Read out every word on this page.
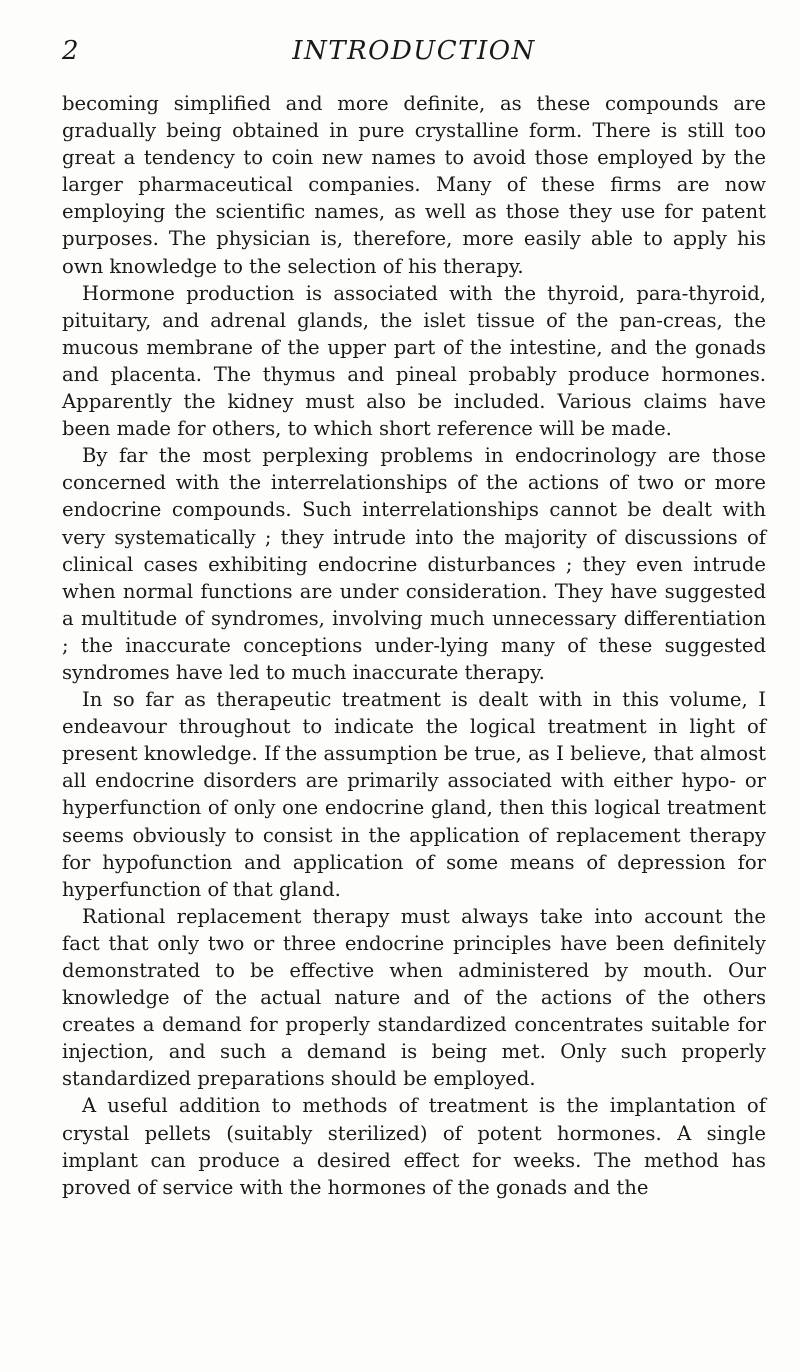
2	INTRODUCTION

becoming simplified and more definite, as these compounds are gradually being obtained in pure crystalline form. There is still too great a tendency to coin new names to avoid those employed by the larger pharmaceutical companies. Many of these firms are now employing the scientific names, as well as those they use for patent purposes. The physician is, therefore, more easily able to apply his own knowledge to the selection of his therapy.

Hormone production is associated with the thyroid, para-thyroid, pituitary, and adrenal glands, the islet tissue of the pan-creas, the mucous membrane of the upper part of the intestine, and the gonads and placenta. The thymus and pineal probably produce hormones. Apparently the kidney must also be included. Various claims have been made for others, to which short reference will be made.

By far the most perplexing problems in endocrinology are those concerned with the interrelationships of the actions of two or more endocrine compounds. Such interrelationships cannot be dealt with very systematically ; they intrude into the majority of discussions of clinical cases exhibiting endocrine disturbances ; they even intrude when normal functions are under consideration. They have suggested a multitude of syndromes, involving much unnecessary differentiation ; the inaccurate conceptions under-lying many of these suggested syndromes have led to much inaccurate therapy.

In so far as therapeutic treatment is dealt with in this volume, I endeavour throughout to indicate the logical treatment in light of present knowledge. If the assumption be true, as I believe, that almost all endocrine disorders are primarily associated with either hypo- or hyperfunction of only one endocrine gland, then this logical treatment seems obviously to consist in the application of replacement therapy for hypofunction and application of some means of depression for hyperfunction of that gland.

Rational replacement therapy must always take into account the fact that only two or three endocrine principles have been definitely demonstrated to be effective when administered by mouth. Our knowledge of the actual nature and of the actions of the others creates a demand for properly standardized concentrates suitable for injection, and such a demand is being met. Only such properly standardized preparations should be employed.

A useful addition to methods of treatment is the implantation of crystal pellets (suitably sterilized) of potent hormones. A single implant can produce a desired effect for weeks. The method has proved of service with the hormones of the gonads and the
